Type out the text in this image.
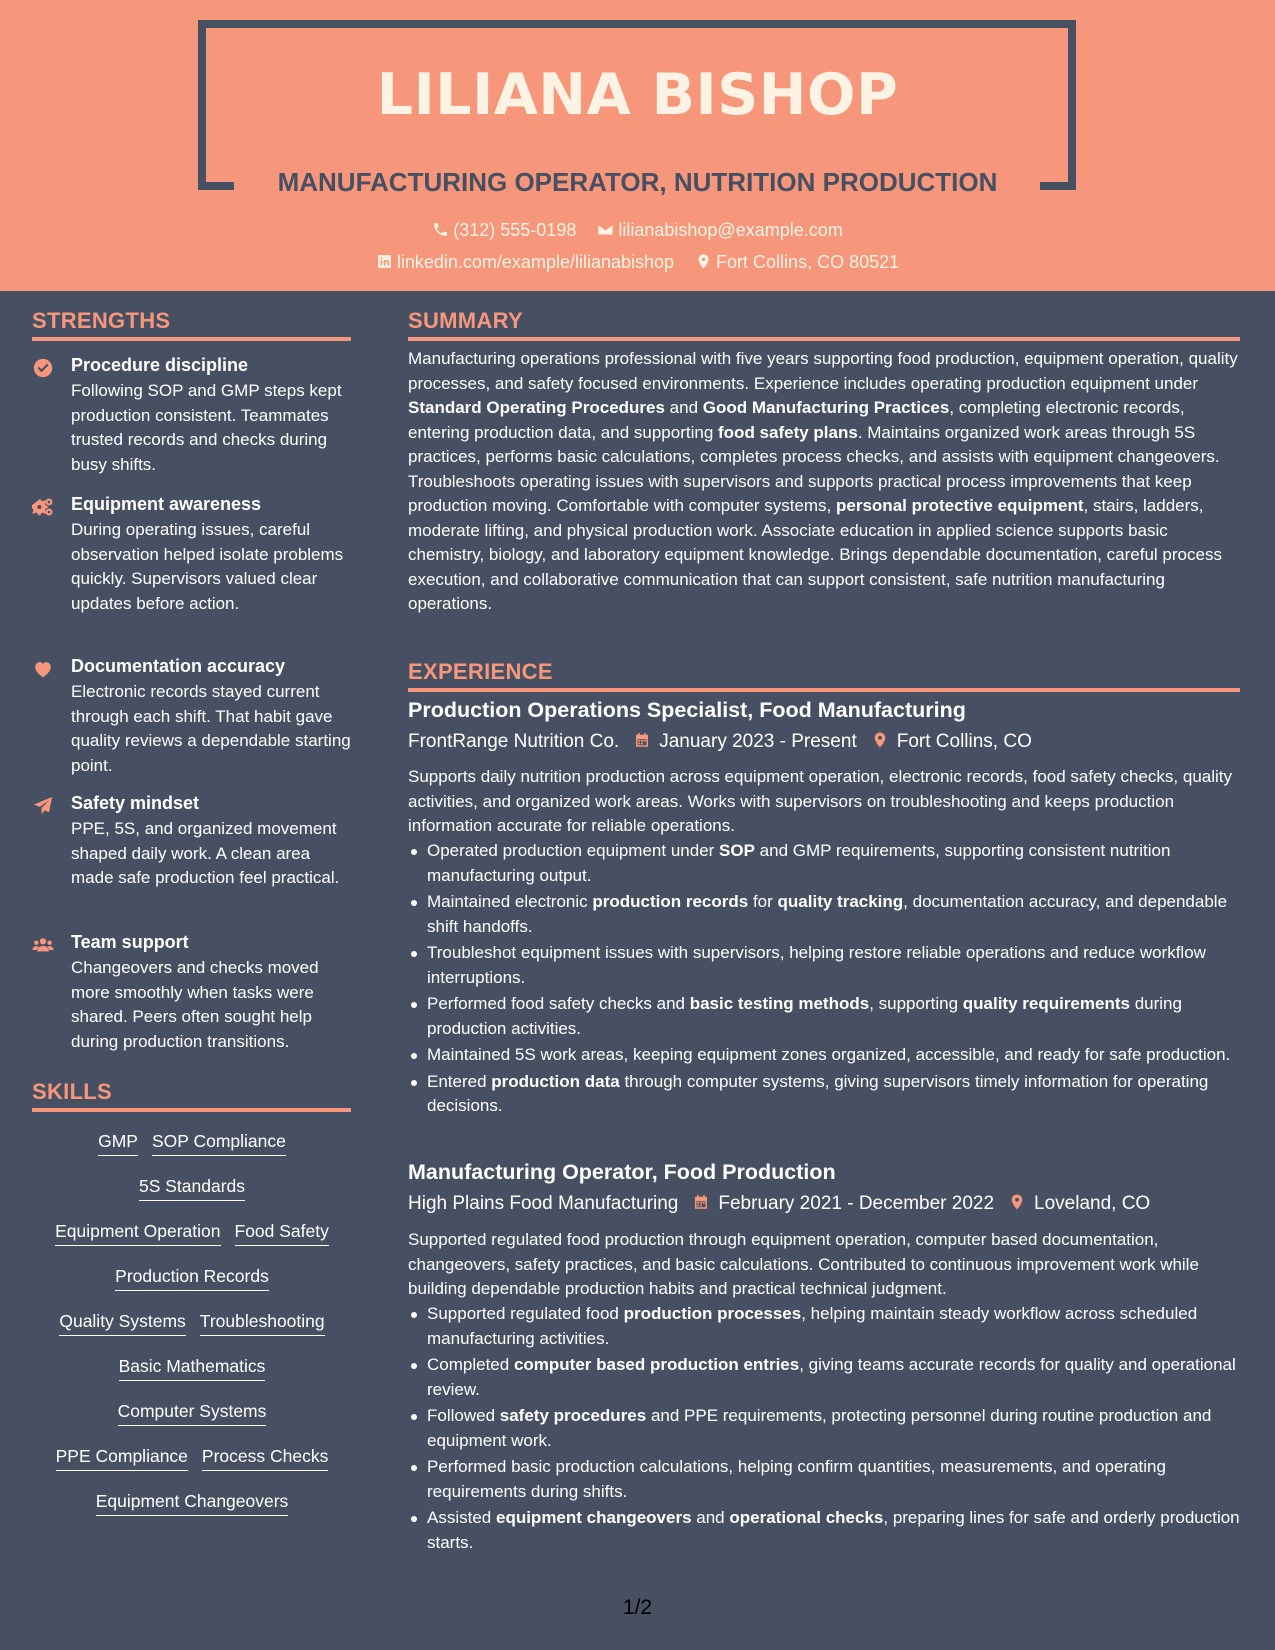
LILIANA BISHOP
MANUFACTURING OPERATOR, NUTRITION PRODUCTION
(312) 555-0198 lilianabishop@example.com
linkedin.com/example/lilianabishop Fort Collins, CO 80521
STRENGTHS
Procedure discipline
Following SOP and GMP steps kept production consistent. Teammates trusted records and checks during busy shifts.
Equipment awareness
During operating issues, careful observation helped isolate problems quickly. Supervisors valued clear updates before action.
Documentation accuracy
Electronic records stayed current through each shift. That habit gave quality reviews a dependable starting point.
Safety mindset
PPE, 5S, and organized movement shaped daily work. A clean area made safe production feel practical.
Team support
Changeovers and checks moved more smoothly when tasks were shared. Peers often sought help during production transitions.
SKILLS
GMP SOP Compliance
5S Standards
Equipment Operation Food Safety
Production Records
Quality Systems Troubleshooting
Basic Mathematics
Computer Systems
PPE Compliance Process Checks
Equipment Changeovers
SUMMARY
Manufacturing operations professional with five years supporting food production, equipment operation, quality processes, and safety focused environments. Experience includes operating production equipment under Standard Operating Procedures and Good Manufacturing Practices, completing electronic records, entering production data, and supporting food safety plans. Maintains organized work areas through 5S practices, performs basic calculations, completes process checks, and assists with equipment changeovers. Troubleshoots operating issues with supervisors and supports practical process improvements that keep production moving. Comfortable with computer systems, personal protective equipment, stairs, ladders, moderate lifting, and physical production work. Associate education in applied science supports basic chemistry, biology, and laboratory equipment knowledge. Brings dependable documentation, careful process execution, and collaborative communication that can support consistent, safe nutrition manufacturing operations.
EXPERIENCE
Production Operations Specialist, Food Manufacturing
FrontRange Nutrition Co. January 2023 - Present Fort Collins, CO
Supports daily nutrition production across equipment operation, electronic records, food safety checks, quality activities, and organized work areas. Works with supervisors on troubleshooting and keeps production information accurate for reliable operations.
Operated production equipment under SOP and GMP requirements, supporting consistent nutrition manufacturing output.
Maintained electronic production records for quality tracking, documentation accuracy, and dependable shift handoffs.
Troubleshot equipment issues with supervisors, helping restore reliable operations and reduce workflow interruptions.
Performed food safety checks and basic testing methods, supporting quality requirements during production activities.
Maintained 5S work areas, keeping equipment zones organized, accessible, and ready for safe production.
Entered production data through computer systems, giving supervisors timely information for operating decisions.
Manufacturing Operator, Food Production
High Plains Food Manufacturing February 2021 - December 2022 Loveland, CO
Supported regulated food production through equipment operation, computer based documentation, changeovers, safety practices, and basic calculations. Contributed to continuous improvement work while building dependable production habits and practical technical judgment.
Supported regulated food production processes, helping maintain steady workflow across scheduled manufacturing activities.
Completed computer based production entries, giving teams accurate records for quality and operational review.
Followed safety procedures and PPE requirements, protecting personnel during routine production and equipment work.
Performed basic production calculations, helping confirm quantities, measurements, and operating requirements during shifts.
Assisted equipment changeovers and operational checks, preparing lines for safe and orderly production starts.
1/2
